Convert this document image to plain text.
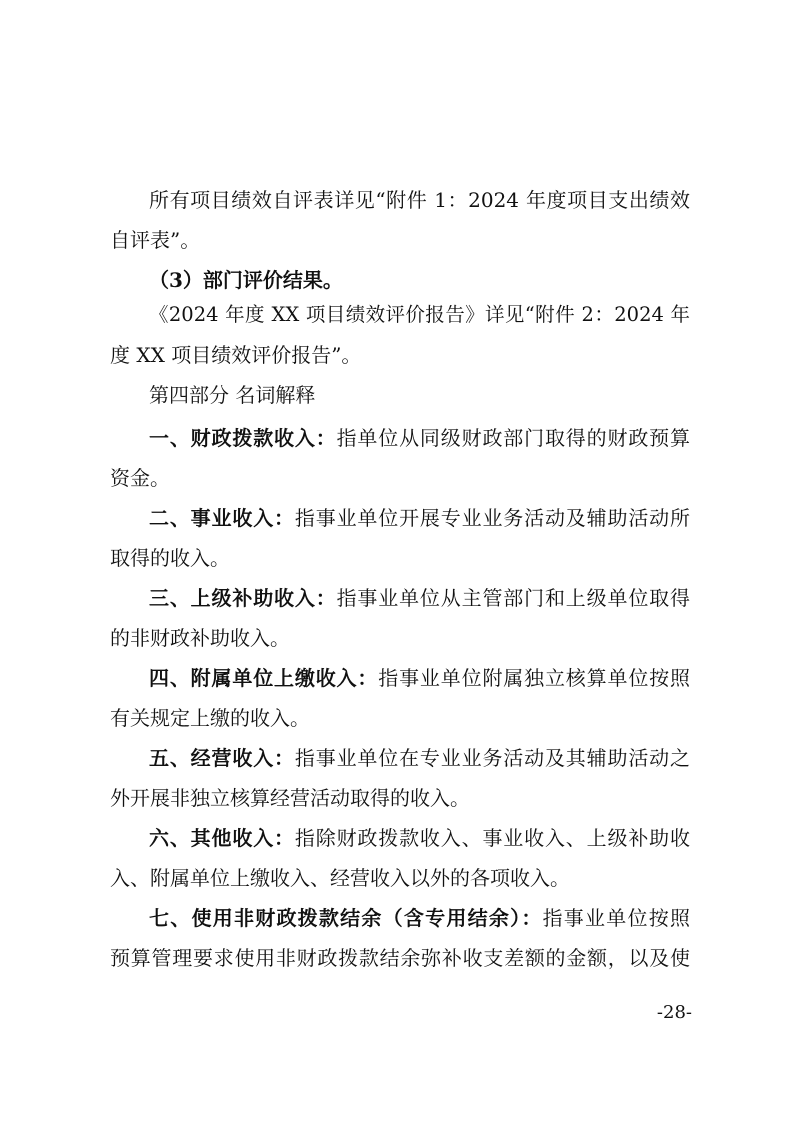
所有项目绩效自评表详见“附件 1：2024 年度项目支出绩效
自评表”。
（3）部门评价结果。
《2024 年度 XX 项目绩效评价报告》详见“附件 2：2024 年
度 XX 项目绩效评价报告”。
第四部分 名词解释
一、财政拨款收入：指单位从同级财政部门取得的财政预算
资金。
二、事业收入：指事业单位开展专业业务活动及辅助活动所
取得的收入。
三、上级补助收入：指事业单位从主管部门和上级单位取得
的非财政补助收入。
四、附属单位上缴收入：指事业单位附属独立核算单位按照
有关规定上缴的收入。
五、经营收入：指事业单位在专业业务活动及其辅助活动之
外开展非独立核算经营活动取得的收入。
六、其他收入：指除财政拨款收入、事业收入、上级补助收
入、附属单位上缴收入、经营收入以外的各项收入。
七、使用非财政拨款结余（含专用结余）：指事业单位按照
预算管理要求使用非财政拨款结余弥补收支差额的金额，以及使
-28-
